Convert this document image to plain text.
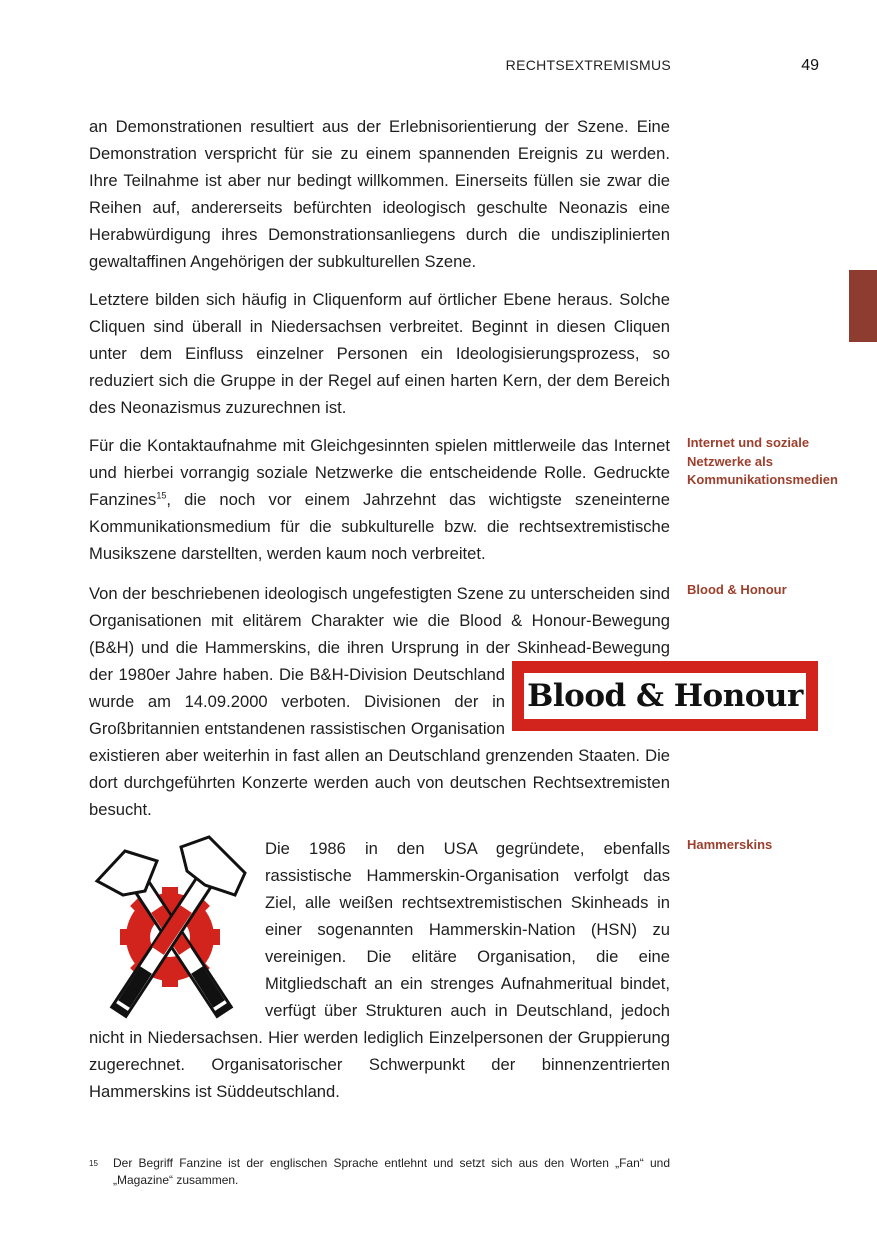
RECHTSEXTREMISMUS	49

an Demonstrationen resultiert aus der Erlebnisorientierung der Szene. Eine Demonstration verspricht für sie zu einem spannenden Ereignis zu werden. Ihre Teilnahme ist aber nur bedingt willkommen. Einerseits füllen sie zwar die Reihen auf, andererseits befürchten ideologisch geschulte Neonazis eine Herabwürdigung ihres Demonstrationsanliegens durch die undisziplinierten gewaltaffinen Angehörigen der subkulturellen Szene.

Letztere bilden sich häufig in Cliquenform auf örtlicher Ebene heraus. Solche Cliquen sind überall in Niedersachsen verbreitet. Beginnt in diesen Cliquen unter dem Einfluss einzelner Personen ein Ideologisierungsprozess, so reduziert sich die Gruppe in der Regel auf einen harten Kern, der dem Bereich des Neonazismus zuzurechnen ist.

Für die Kontaktaufnahme mit Gleichgesinnten spielen mittlerweile das Internet und hierbei vorrangig soziale Netzwerke die entscheidende Rolle. Gedruckte Fanzines$^{15}$, die noch vor einem Jahrzehnt das wichtigste szeneinterne Kommunikationsmedium für die subkulturelle bzw. die rechtsextremistische Musikszene darstellten, werden kaum noch verbreitet.

Blood & Honour

Von der beschriebenen ideologisch ungefestigten Szene zu unterscheiden sind Organisationen mit elitärem Charakter wie die Blood & Honour-Bewegung (B&H) und die Hammerskins, die ihren Ursprung in der Skinhead-Bewegung der 1980er Jahre haben. Die B&H-Division Deutschland wurde am 14.09.2000 verboten. Divisionen der in Großbritannien entstandenen rassistischen Organisation existieren aber weiterhin in fast allen an Deutschland grenzenden Staaten. Die dort durchgeführten Konzerte werden auch von deutschen Rechtsextremisten besucht.

Die 1986 in den USA gegründete, ebenfalls rassistische Hammerskin-Organisation verfolgt das Ziel, alle weißen rechtsextremistischen Skinheads in einer sogenannten Hammerskin-Nation (HSN) zu vereinigen. Die elitäre Organisation, die eine Mitgliedschaft an ein strenges Aufnahmeritual bindet, verfügt über Strukturen auch in Deutschland, jedoch nicht in Niedersachsen. Hier werden lediglich Einzelpersonen der Gruppierung zugerechnet. Organisatorischer Schwerpunkt der binnenzentrierten Hammerskins ist Süddeutschland.

Internet und soziale Netzwerke als Kommunikationsmedien
Blood & Honour
Hammerskins
15 Der Begriff Fanzine ist der englischen Sprache entlehnt und setzt sich aus den Worten „Fan“ und „Magazine“ zusammen.
